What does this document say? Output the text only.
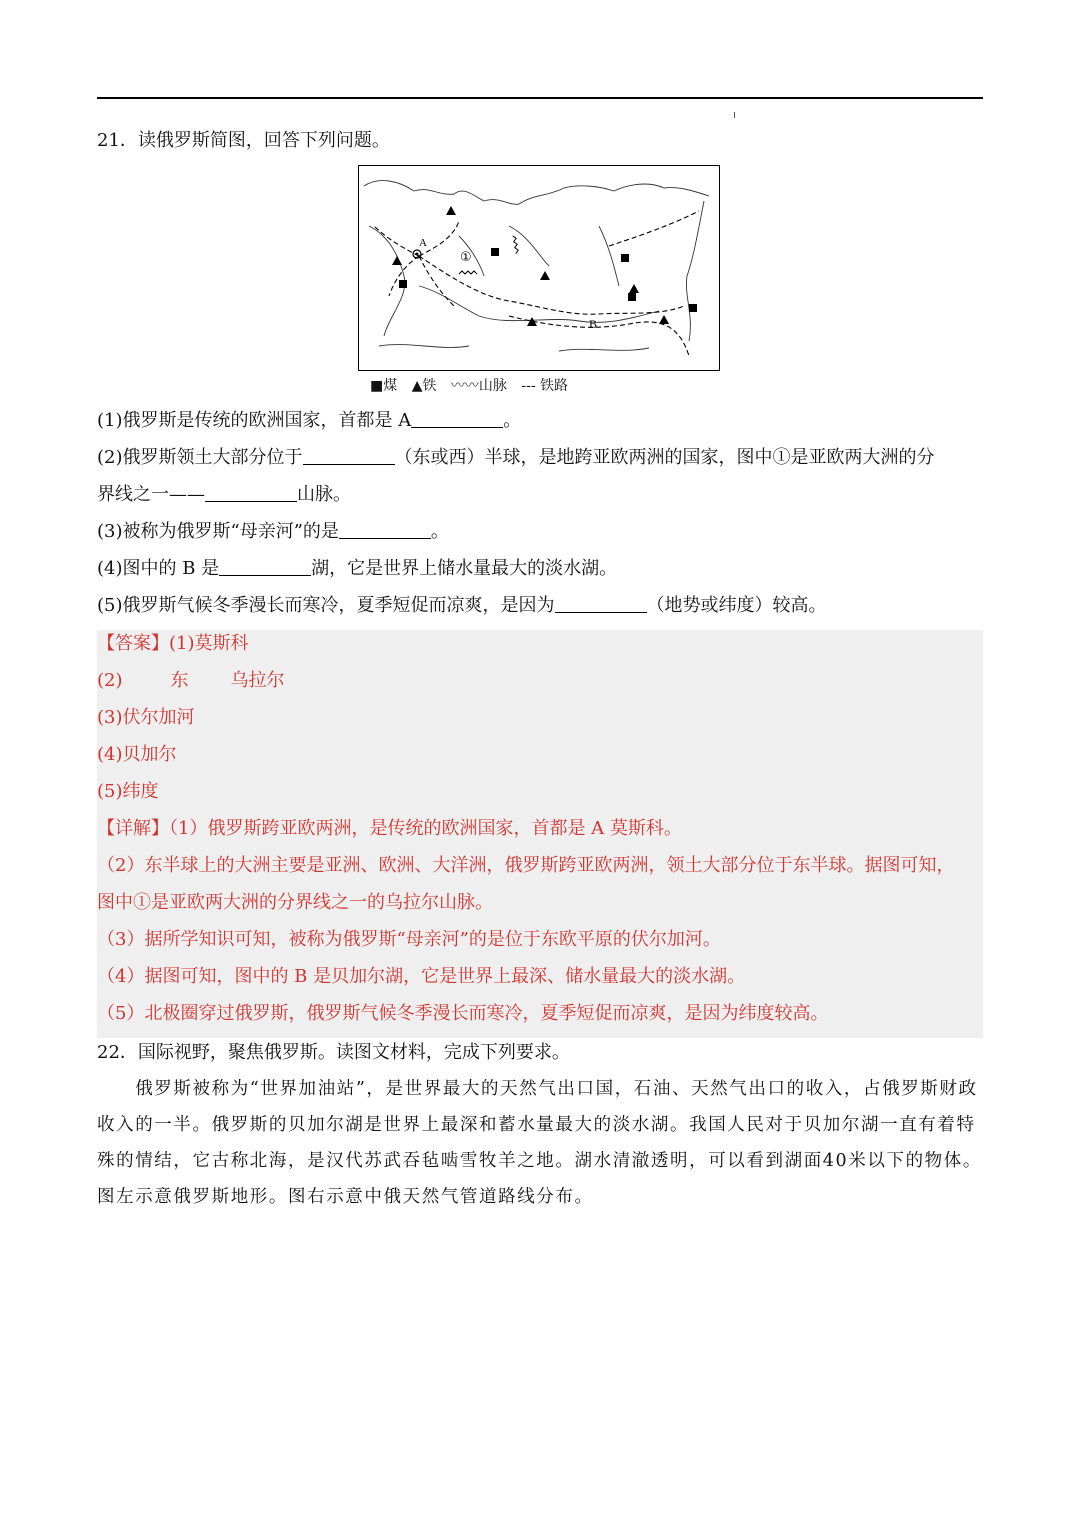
21．读俄罗斯简图，回答下列问题。
A
B
①
■煤 ▲铁 〰〰山脉 --- 铁路
(1)俄罗斯是传统的欧洲国家，首都是 A	。
(2)俄罗斯领土大部分位于	（东或西）半球，是地跨亚欧两洲的国家，图中①是亚欧两大洲的分
界线之一——	山脉。
(3)被称为俄罗斯“母亲河”的是	。
(4)图中的 B 是	湖，它是世界上储水量最大的淡水湖。
(5)俄罗斯气候冬季漫长而寒冷，夏季短促而凉爽，是因为	（地势或纬度）较高。
【答案】(1)莫斯科
(2)	东 乌拉尔
(3)伏尔加河
(4)贝加尔
(5)纬度
【详解】（1）俄罗斯跨亚欧两洲，是传统的欧洲国家，首都是 A 莫斯科。
（2）东半球上的大洲主要是亚洲、欧洲、大洋洲，俄罗斯跨亚欧两洲，领土大部分位于东半球。据图可知，
图中①是亚欧两大洲的分界线之一的乌拉尔山脉。
（3）据所学知识可知，被称为俄罗斯“母亲河”的是位于东欧平原的伏尔加河。
（4）据图可知，图中的 B 是贝加尔湖，它是世界上最深、储水量最大的淡水湖。
（5）北极圈穿过俄罗斯，俄罗斯气候冬季漫长而寒冷，夏季短促而凉爽，是因为纬度较高。
22．国际视野，聚焦俄罗斯。读图文材料，完成下列要求。
　　俄罗斯被称为“世界加油站”，是世界最大的天然气出口国，石油、天然气出口的收入，占俄罗斯财政
收入的一半。俄罗斯的贝加尔湖是世界上最深和蓄水量最大的淡水湖。我国人民对于贝加尔湖一直有着特
殊的情结，它古称北海，是汉代苏武吞毡啮雪牧羊之地。湖水清澈透明，可以看到湖面40米以下的物体。
图左示意俄罗斯地形。图右示意中俄天然气管道路线分布。
